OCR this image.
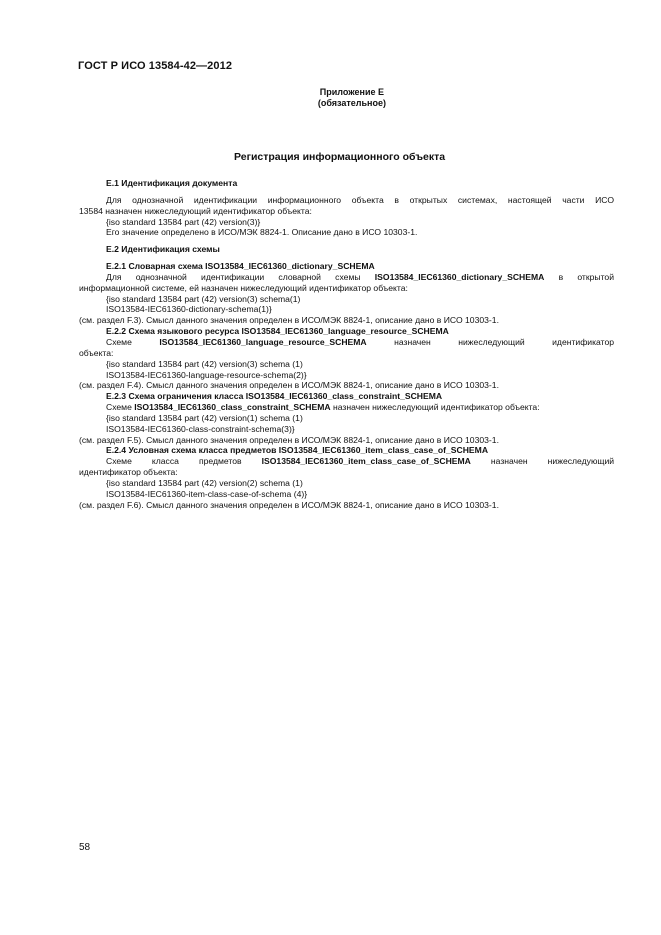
ГОСТ Р ИСО 13584-42—2012
Приложение Е
(обязательное)
Регистрация информационного объекта
Е.1 Идентификация документа
Для однозначной идентификации информационного объекта в открытых системах, настоящей части ИСО
13584 назначен нижеследующий идентификатор объекта:
{iso standard 13584 part (42) version(3)}
Его значение определено в ИСО/МЭК 8824-1. Описание дано в ИСО 10303-1.
Е.2 Идентификация схемы
Е.2.1 Словарная схема ISO13584_IEC61360_dictionary_SCHEMA
Для однозначной идентификации словарной схемы ISO13584_IEC61360_dictionary_SCHEMA в открытой
информационной системе, ей назначен нижеследующий идентификатор объекта:
{iso standard 13584 part (42) version(3) schema(1)
ISO13584-IEC61360-dictionary-schema(1)}
(см. раздел F.3). Смысл данного значения определен в ИСО/МЭК 8824-1, описание дано в ИСО 10303-1.
Е.2.2 Схема языкового ресурса ISO13584_IEC61360_language_resource_SCHEMA
Схеме	ISO13584_IEC61360_language_resource_SCHEMA	назначен	нижеследующий	идентификатор
объекта:
{iso standard 13584 part (42) version(3) schema (1)
ISO13584-IEC61360-language-resource-schema(2)}
(см. раздел F.4). Смысл данного значения определен в ИСО/МЭК 8824-1, описание дано в ИСО 10303-1.
Е.2.3 Схема ограничения класса ISO13584_IEC61360_class_constraint_SCHEMA
Схеме ISO13584_IEC61360_class_constraint_SCHEMA назначен нижеследующий идентификатор объекта:
{iso standard 13584 part (42) version(1) schema (1)
ISO13584-IEC61360-class-constraint-schema(3)}
(см. раздел F.5). Смысл данного значения определен в ИСО/МЭК 8824-1, описание дано в ИСО 10303-1.
Е.2.4 Условная схема класса предметов ISO13584_IEC61360_item_class_case_of_SCHEMA
Схеме класса предметов ISO13584_IEC61360_item_class_case_of_SCHEMA назначен нижеследующий
идентификатор объекта:
{iso standard 13584 part (42) version(2) schema (1)
ISO13584-IEC61360-item-class-case-of-schema (4)}
(см. раздел F.6). Смысл данного значения определен в ИСО/МЭК 8824-1, описание дано в ИСО 10303-1.
58
